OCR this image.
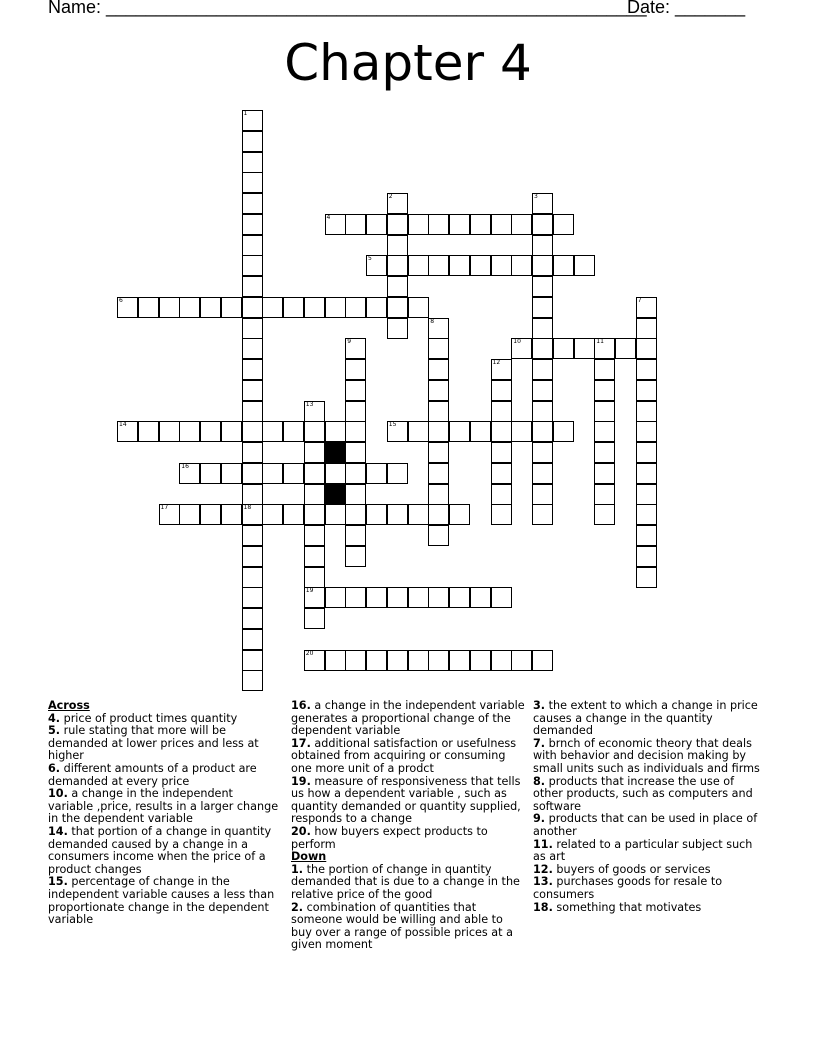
Name: ______________________________________________________
Date: _______
Chapter 4
1
18
2	3
4
5
6	7
8
9	10	11
12
13
19
14	15
16
17
20
Across
4. price of product times quantity
5. rule stating that more will be demanded at lower prices and less at higher
6. different amounts of a product are demanded at every price
10. a change in the independent variable ,price, results in a larger change in the dependent variable
14. that portion of a change in quantity demanded caused by a change in a consumers income when the price of a product changes
15. percentage of change in the independent variable causes a less than proportionate change in the dependent variable
16. a change in the independent variable generates a proportional change of the dependent variable
17. additional satisfaction or usefulness obtained from acquiring or consuming one more unit of a prodct
19. measure of responsiveness that tells us how a dependent variable , such as quantity demanded or quantity supplied, responds to a change
20. how buyers expect products to perform
Down
1. the portion of change in quantity demanded that is due to a change in the relative price of the good
2. combination of quantities that someone would be willing and able to buy over a range of possible prices at a given moment
3. the extent to which a change in price causes a change in the quantity demanded
7. brnch of economic theory that deals with behavior and decision making by small units such as individuals and firms
8. products that increase the use of other products, such as computers and software
9. products that can be used in place of another
11. related to a particular subject such as art
12. buyers of goods or services
13. purchases goods for resale to consumers
18. something that motivates
